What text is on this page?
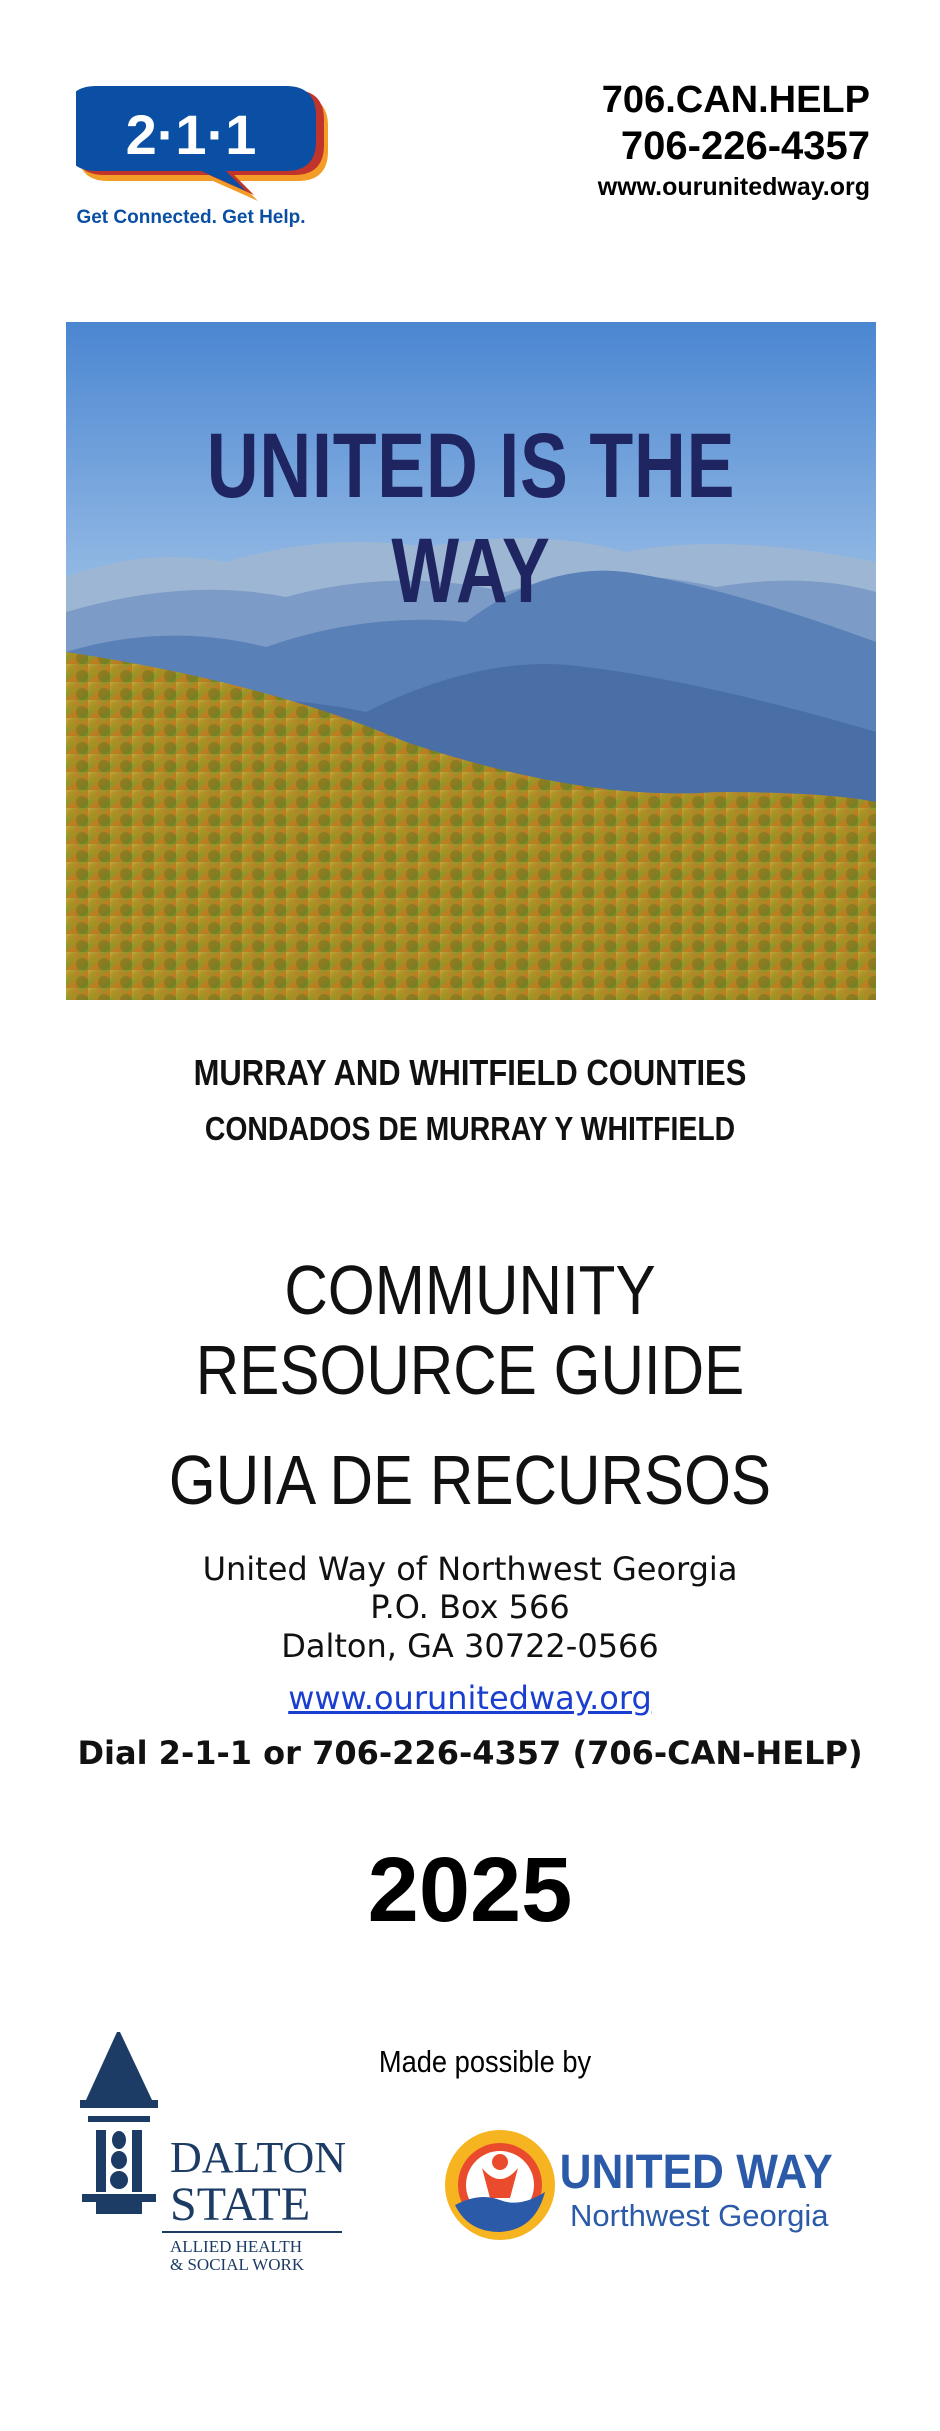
2·1·1
Get Connected. Get Help.
706.CAN.HELP
706-226-4357
www.ourunitedway.org
UNITED IS THE WAY
MURRAY AND WHITFIELD COUNTIES
CONDADOS DE MURRAY Y WHITFIELD
COMMUNITY
RESOURCE GUIDE
GUIA DE RECURSOS
United Way of Northwest Georgia
P.O. Box 566
Dalton, GA 30722-0566
www.ourunitedway.org
Dial 2-1-1 or 706-226-4357 (706-CAN-HELP)
2025
Made possible by
DALTON
STATE
ALLIED HEALTH
& SOCIAL WORK
UNITED WAY
Northwest Georgia
